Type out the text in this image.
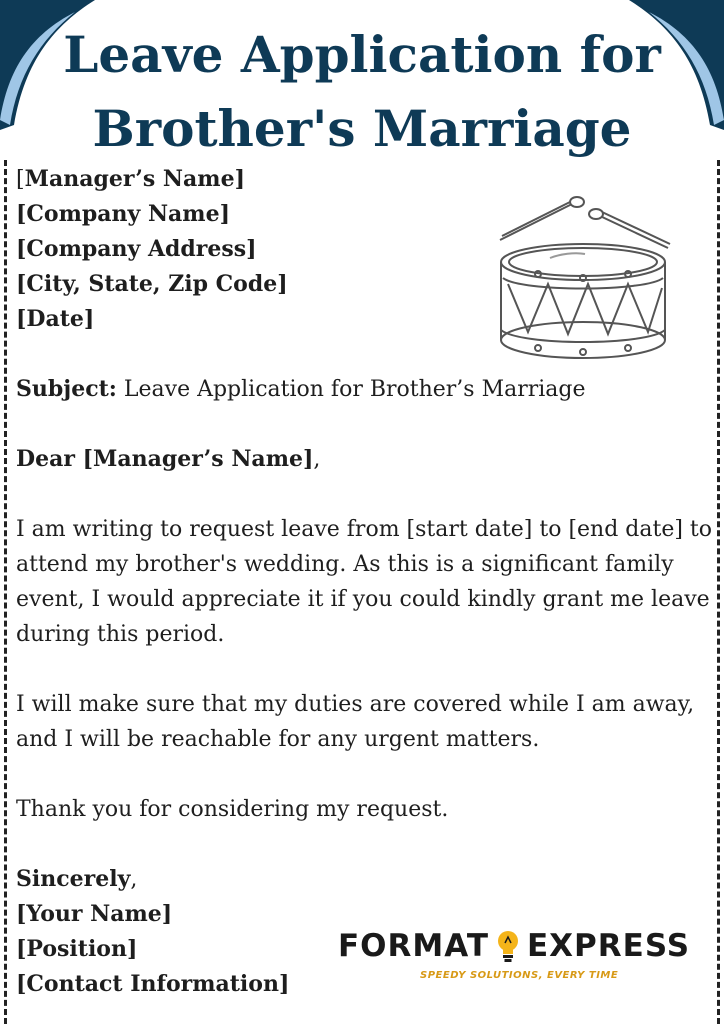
Leave Application for
Brother's Marriage
[Manager’s Name]
[Company Name]
[Company Address]
[City, State, Zip Code]
[Date]
Subject: Leave Application for Brother’s Marriage
Dear [Manager’s Name],
I am writing to request leave from [start date] to [end date] to
attend my brother's wedding. As this is a significant family
event, I would appreciate it if you could kindly grant me leave
during this period.
I will make sure that my duties are covered while I am away,
and I will be reachable for any urgent matters.
Thank you for considering my request.
Sincerely,
[Your Name]
[Position]
[Contact Information]
FORMAT EXPRESS
SPEEDY SOLUTIONS, EVERY TIME
